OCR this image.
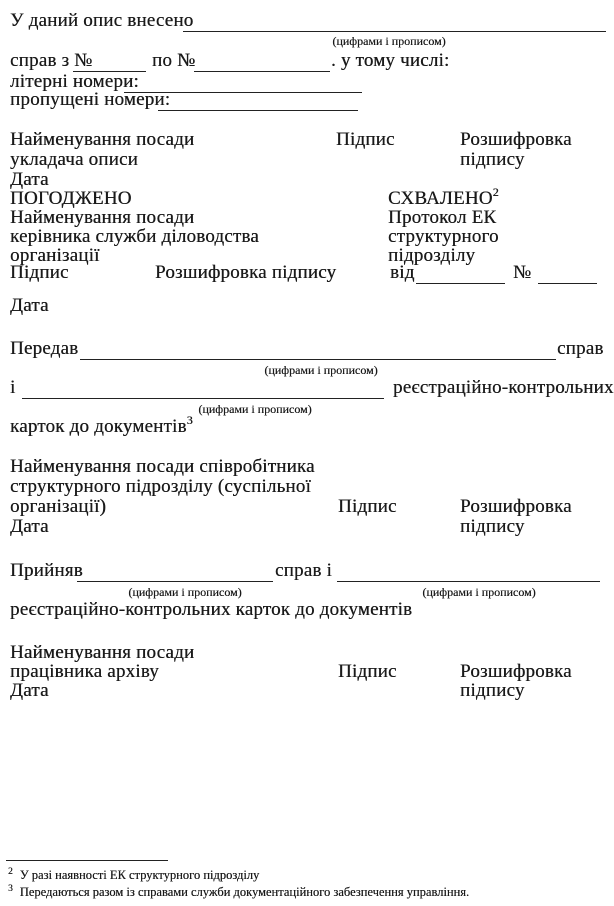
У даний опис внесено
(цифрами і прописом)
справ з №	по №	. у тому числі:
літерні номери:
пропущені номери:
Найменування посади	Підпис	Розшифровка
укладача описи	підпису
Дата
ПОГОДЖЕНО	СХВАЛЕНО$^2$
Найменування посади	Протокол ЕК
керівника служби діловодства	структурного
організації	підрозділу
Підпис	Розшифровка підпису	від	№
Дата
Передав	справ
(цифрами і прописом)
і	реєстраційно-контрольних
(цифрами і прописом)
карток до документів$^3$
Найменування посади співробітника
структурного підрозділу (суспільної
організації)	Підпис	Розшифровка
Дата	підпису
Прийняв	справ і
(цифрами і прописом)	(цифрами і прописом)
реєстраційно-контрольних карток до документів
Найменування посади
працівника архіву	Підпис	Розшифровка
Дата	підпису
$^2$ У разі наявності ЕК структурного підрозділу
$^3$ Передаються разом із справами служби документаційного забезпечення управління.
